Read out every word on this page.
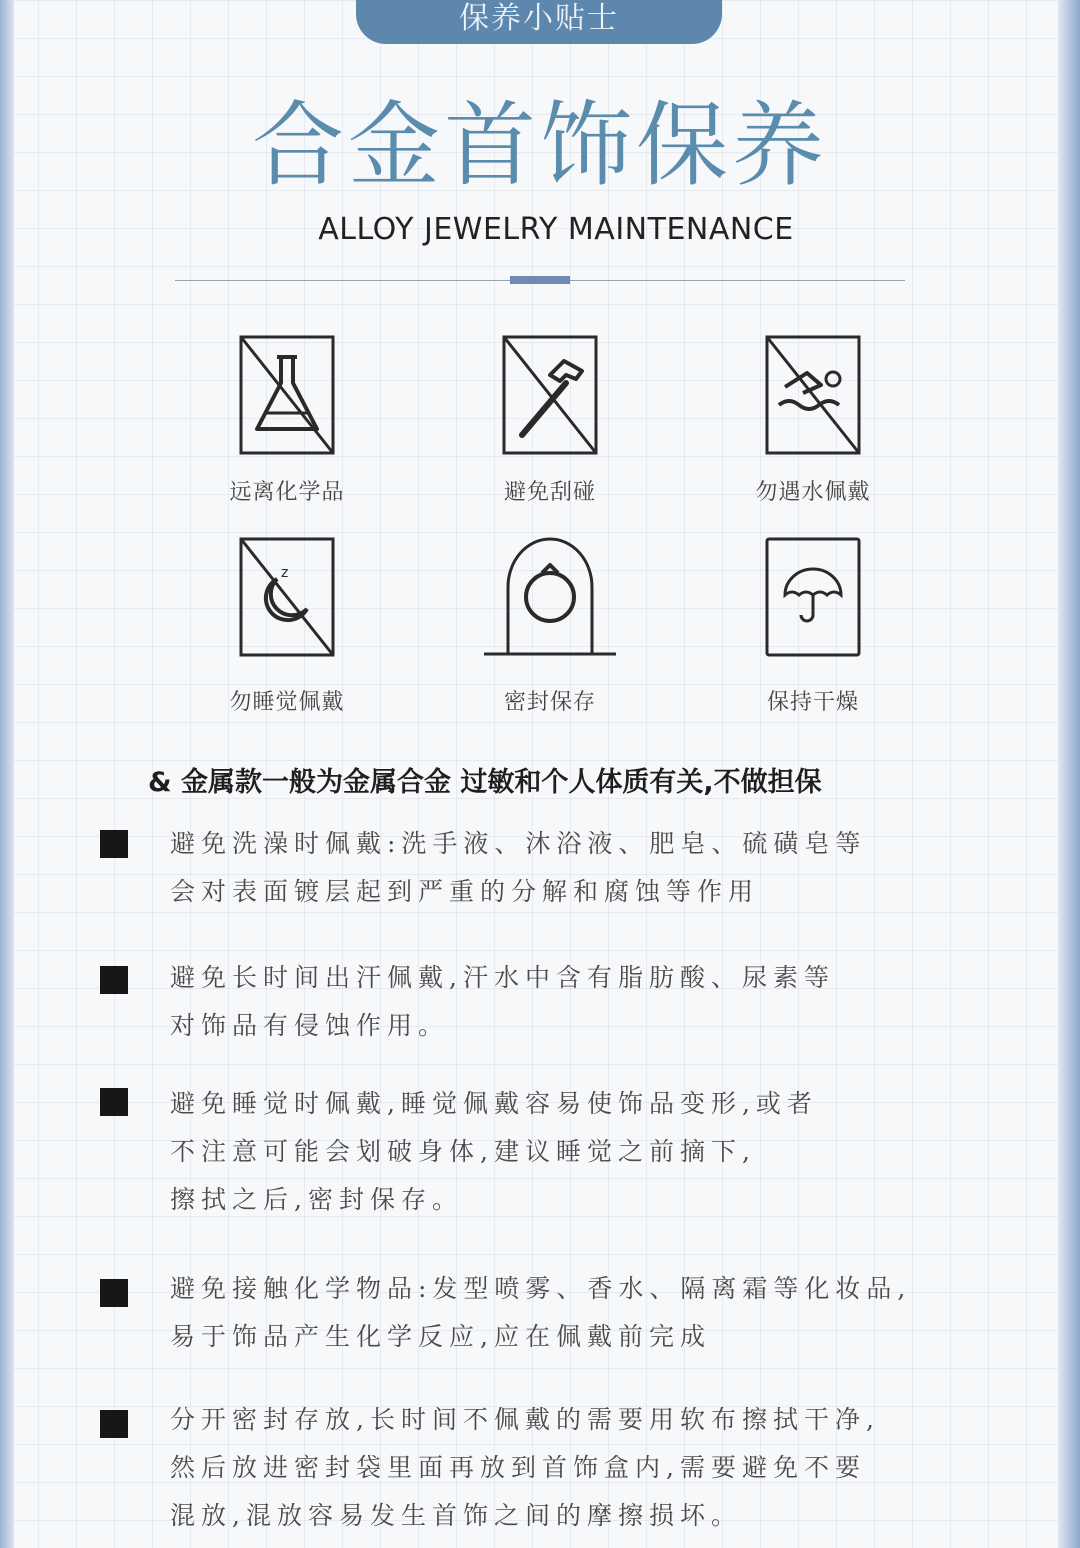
保养小贴士
合金首饰保养
ALLOY JEWELRY MAINTENANCE
远离化学品	避免刮碰	勿遇水佩戴
z
勿睡觉佩戴	密封保存	保持干燥
& 金属款一般为金属合金 过敏和个人体质有关,不做担保
避免洗澡时佩戴:洗手液、沐浴液、肥皂、硫磺皂等
会对表面镀层起到严重的分解和腐蚀等作用
避免长时间出汗佩戴,汗水中含有脂肪酸、尿素等
对饰品有侵蚀作用。
避免睡觉时佩戴,睡觉佩戴容易使饰品变形,或者
不注意可能会划破身体,建议睡觉之前摘下,
擦拭之后,密封保存。
避免接触化学物品:发型喷雾、香水、隔离霜等化妆品,
易于饰品产生化学反应,应在佩戴前完成
分开密封存放,长时间不佩戴的需要用软布擦拭干净,
然后放进密封袋里面再放到首饰盒内,需要避免不要
混放,混放容易发生首饰之间的摩擦损坏。
